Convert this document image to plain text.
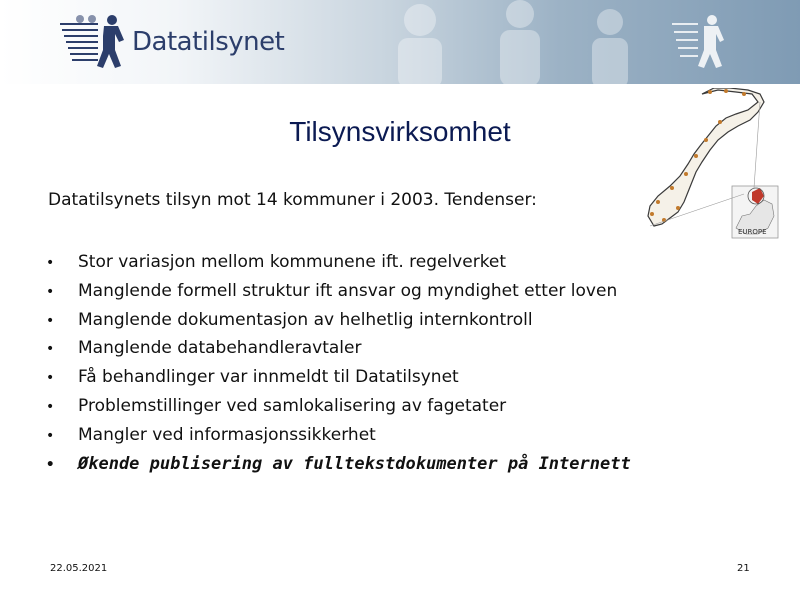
Datatilsynet
Tilsynsvirksomhet
EUROPE
Datatilsynets tilsyn mot 14 kommuner i 2003. Tendenser:
• Stor variasjon mellom kommunene ift. regelverket
• Manglende formell struktur ift ansvar og myndighet etter loven
• Manglende dokumentasjon av helhetlig internkontroll
• Manglende databehandleravtaler
• Få behandlinger var innmeldt til Datatilsynet
• Problemstillinger ved samlokalisering av fagetater
• Mangler ved informasjonssikkerhet
• Økende publisering av fulltekstdokumenter på Internett
22.05.2021	21
